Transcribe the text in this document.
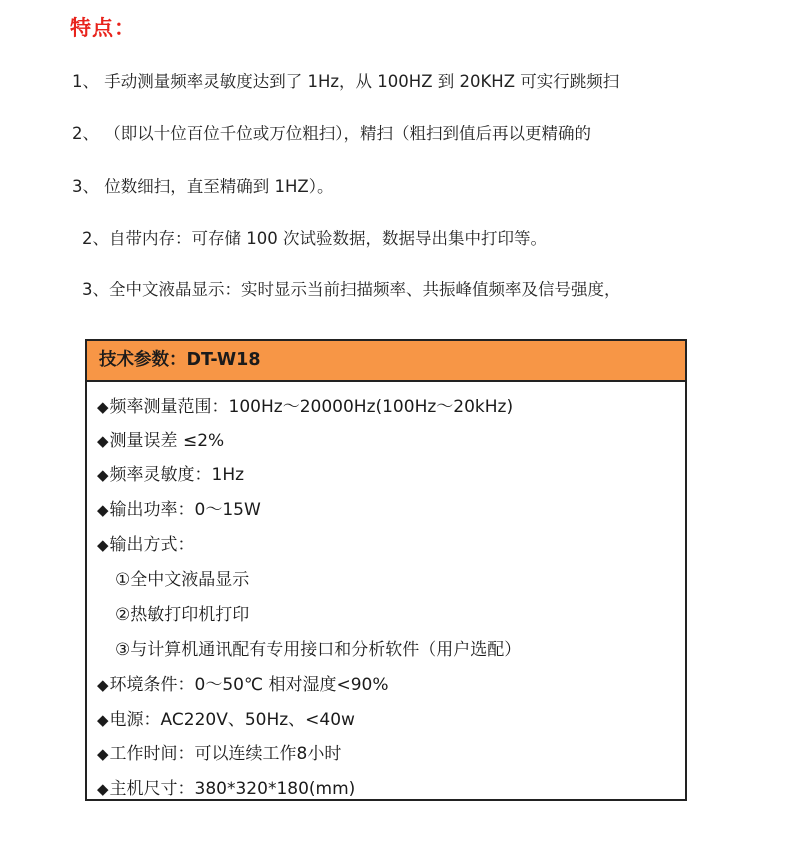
特点：
1、 手动测量频率灵敏度达到了 1Hz，从 100HZ 到 20KHZ 可实行跳频扫
2、 （即以十位百位千位或万位粗扫），精扫（粗扫到值后再以更精确的
3、 位数细扫，直至精确到 1HZ）。
2、自带内存：可存储 100 次试验数据，数据导出集中打印等。
3、全中文液晶显示：实时显示当前扫描频率、共振峰值频率及信号强度，
技术参数：DT-W18
◆频率测量范围：100Hz～20000Hz(100Hz～20kHz)
◆测量误差 ≤2%
◆频率灵敏度：1Hz
◆输出功率：0～15W
◆输出方式：
①全中文液晶显示
②热敏打印机打印
③与计算机通讯配有专用接口和分析软件（用户选配）
◆环境条件：0～50℃ 相对湿度<90%
◆电源：AC220V、50Hz、<40w
◆工作时间：可以连续工作8小时
◆主机尺寸：380*320*180(mm)
